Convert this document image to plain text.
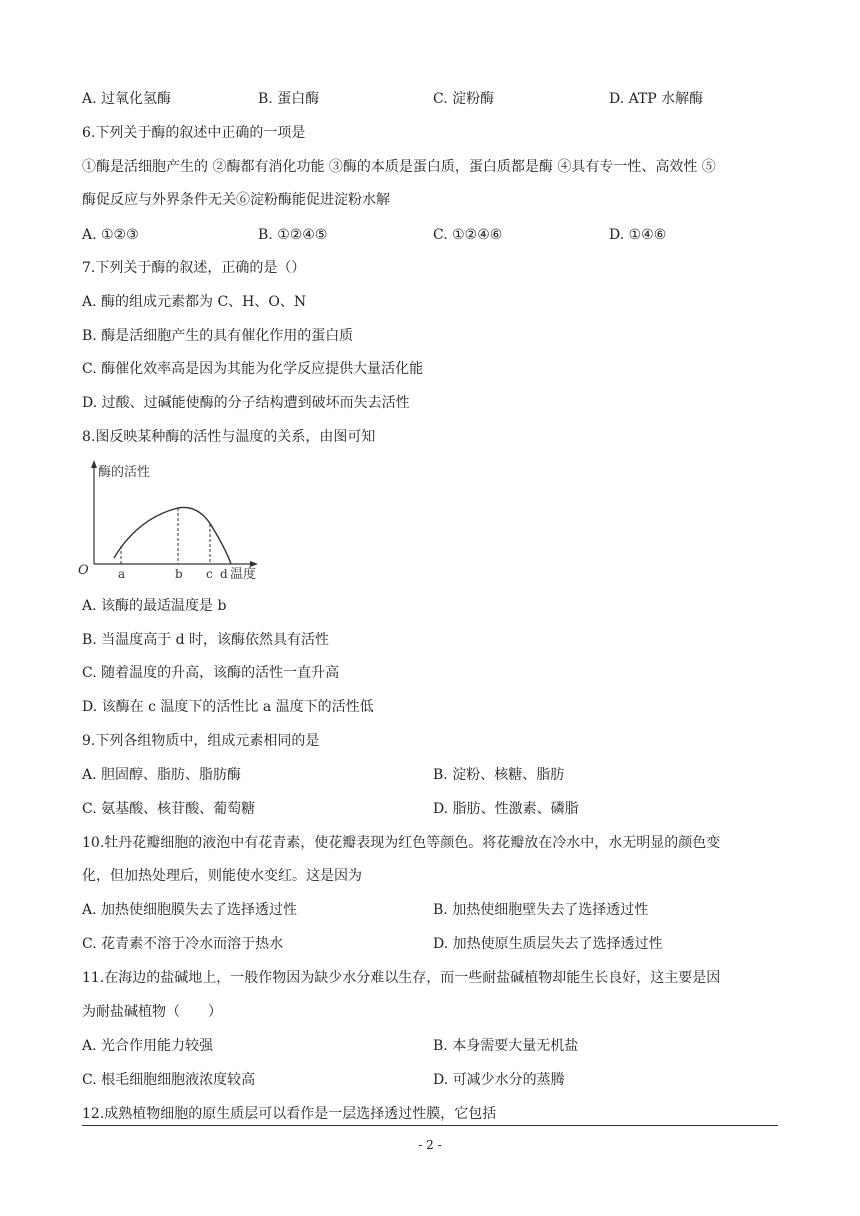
A. 过氧化氢酶	B. 蛋白酶	C. 淀粉酶	D. ATP 水解酶
6.下列关于酶的叙述中正确的一项是
①酶是活细胞产生的 ②酶都有消化功能 ③酶的本质是蛋白质，蛋白质都是酶 ④具有专一性、高效性 ⑤
酶促反应与外界条件无关⑥淀粉酶能促进淀粉水解
A. ①②③	B. ①②④⑤	C. ①②④⑥	D. ①④⑥
7.下列关于酶的叙述，正确的是（）
A. 酶的组成元素都为 C、H、O、N
B. 酶是活细胞产生的具有催化作用的蛋白质
C. 酶催化效率高是因为其能为化学反应提供大量活化能
D. 过酸、过碱能使酶的分子结构遭到破坏而失去活性
8.图反映某种酶的活性与温度的关系，由图可知
酶的活性
O a	b c d 温度
A. 该酶的最适温度是 b
B. 当温度高于 d 时，该酶依然具有活性
C. 随着温度的升高，该酶的活性一直升高
D. 该酶在 c 温度下的活性比 a 温度下的活性低
9.下列各组物质中，组成元素相同的是
A. 胆固醇、脂肪、脂肪酶	B. 淀粉、核糖、脂肪
C. 氨基酸、核苷酸、葡萄糖	D. 脂肪、性激素、磷脂
10.牡丹花瓣细胞的液泡中有花青素，使花瓣表现为红色等颜色。将花瓣放在冷水中，水无明显的颜色变
化，但加热处理后，则能使水变红。这是因为
A. 加热使细胞膜失去了选择透过性	B. 加热使细胞壁失去了选择透过性
C. 花青素不溶于冷水而溶于热水	D. 加热使原生质层失去了选择透过性
11.在海边的盐碱地上，一般作物因为缺少水分难以生存，而一些耐盐碱植物却能生长良好，这主要是因
为耐盐碱植物（　　）
A. 光合作用能力较强	B. 本身需要大量无机盐
C. 根毛细胞细胞液浓度较高	D. 可减少水分的蒸腾
12.成熟植物细胞的原生质层可以看作是一层选择透过性膜，它包括
- 2 -
